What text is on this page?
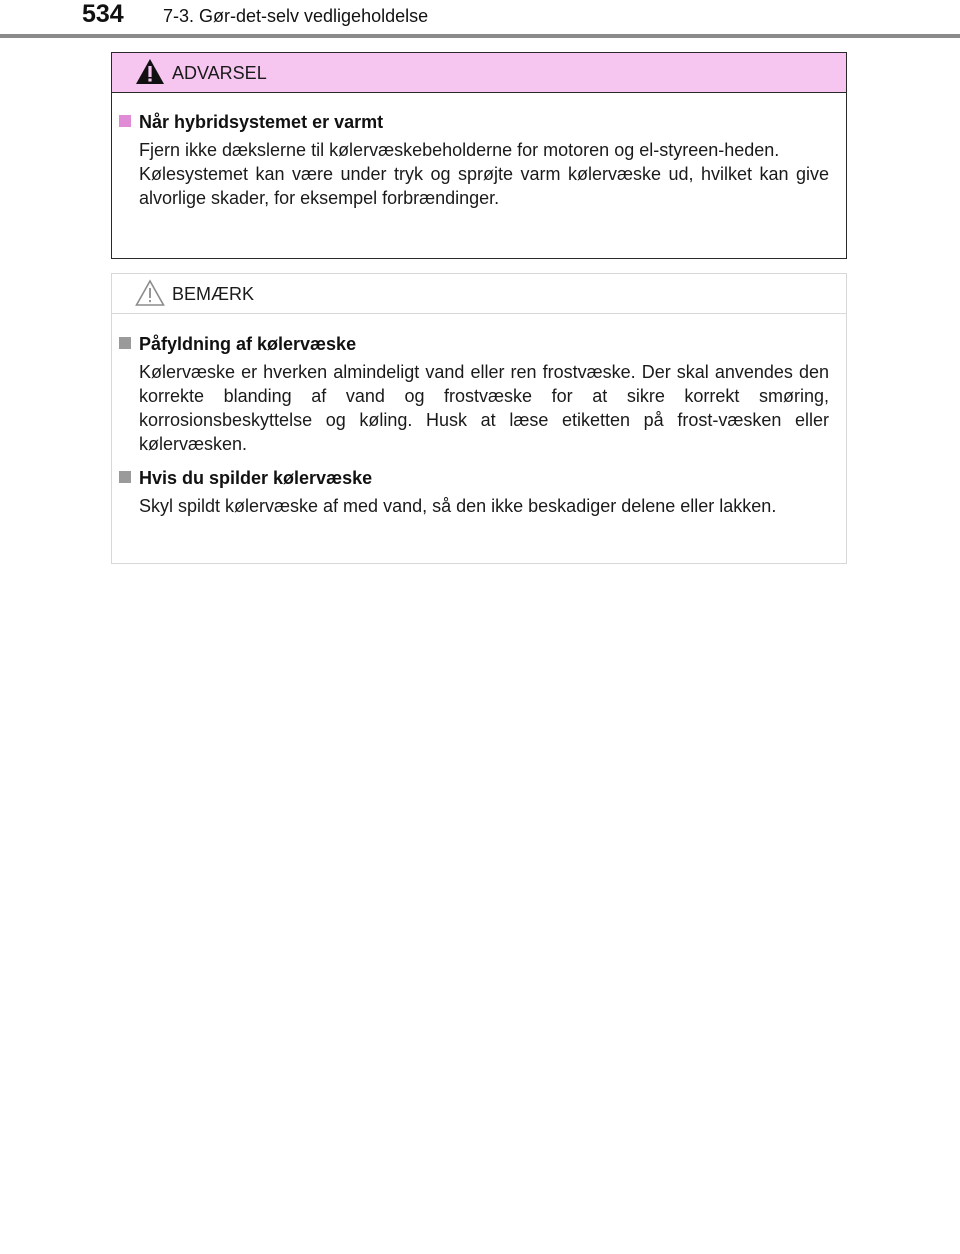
534 7-3. Gør-det-selv vedligeholdelse
ADVARSEL
Når hybridsystemet er varmt

Fjern ikke dækslerne til kølervæskebeholderne for motoren og el-styreen-heden.

Kølesystemet kan være under tryk og sprøjte varm kølervæske ud, hvilket kan give alvorlige skader, for eksempel forbrændinger.

BEMÆRK
Påfyldning af kølervæske

Kølervæske er hverken almindeligt vand eller ren frostvæske. Der skal anvendes den korrekte blanding af vand og frostvæske for at sikre korrekt smøring, korrosionsbeskyttelse og køling. Husk at læse etiketten på frost-væsken eller kølervæsken.

Hvis du spilder kølervæske

Skyl spildt kølervæske af med vand, så den ikke beskadiger delene eller lakken.
